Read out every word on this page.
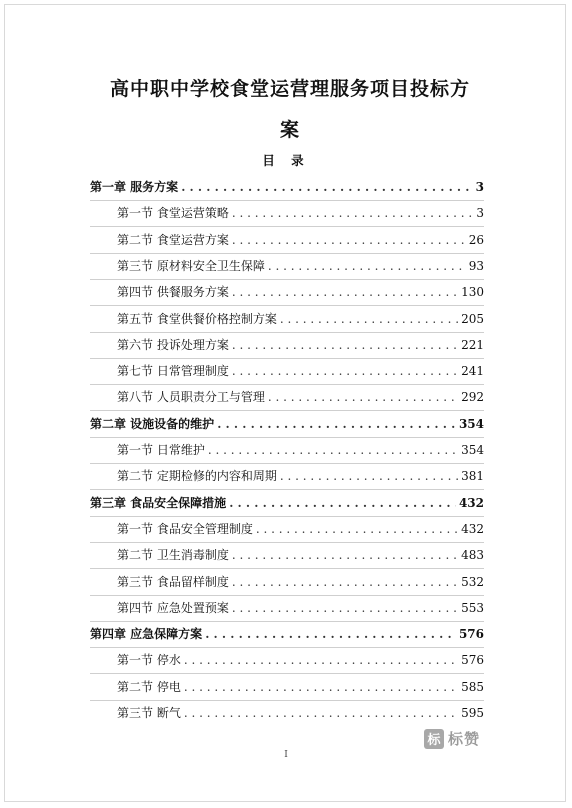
高中职中学校食堂运营理服务项目投标方
案
目 录
第一章 服务方案 . . .	3
第一节 食堂运营策略 . . .	3
第二节 食堂运营方案 . . .	26
第三节 原材料安全卫生保障 . . .	93
第四节 供餐服务方案 . . .	130
第五节 食堂供餐价格控制方案 . . .	205
第六节 投诉处理方案 . . .	221
第七节 日常管理制度 . . .	241
第八节 人员职责分工与管理 . . .	292
第二章 设施设备的维护 . . .	354
第一节 日常维护 . . .	354
第二节 定期检修的内容和周期 . . .	381
第三章 食品安全保障措施 . . .	432
第一节 食品安全管理制度 . . .	432
第二节 卫生消毒制度 . . .	483
第三节 食品留样制度 . . .	532
第四节 应急处置预案 . . .	553
第四章 应急保障方案 . . .	576
第一节 停水 . . .	576
第二节 停电 . . .	585
第三节 断气 . . .	595
I
标 标赞
